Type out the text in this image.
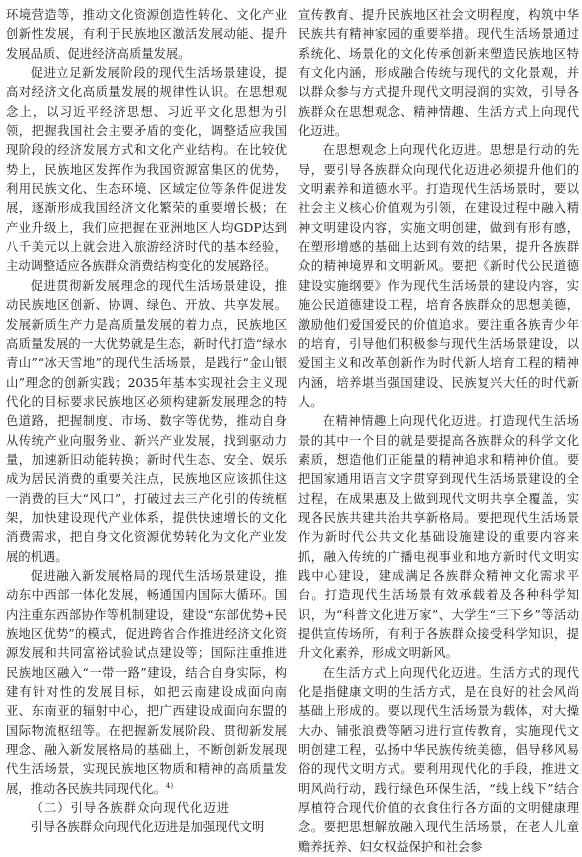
环境营造等，推动文化资源创造性转化、文化产业创新性发展，有利于民族地区激活发展动能、提升发展品质、促进经济高质量发展。

促进立足新发展阶段的现代生活场景建设，提高对经济文化高质量发展的规律性认识。在思想观念上，以习近平经济思想、习近平文化思想为引领，把握我国社会主要矛盾的变化，调整适应我国现阶段的经济发展方式和文化产业结构。在比较优势上，民族地区发挥作为我国资源富集区的优势，利用民族文化、生态环境、区域定位等条件促进发展，逐渐形成我国经济文化繁荣的重要增长极；在产业升级上，我们应把握在亚洲地区人均GDP达到八千美元以上就会进入旅游经济时代的基本经验，主动调整适应各族群众消费结构变化的发展路径。

促进贯彻新发展理念的现代生活场景建设，推动民族地区创新、协调、绿色、开放、共享发展。发展新质生产力是高质量发展的着力点，民族地区高质量发展的一大优势就是生态，新时代打造“绿水青山”“冰天雪地”的现代生活场景，是践行“金山银山”理念的创新实践；2035年基本实现社会主义现代化的目标要求民族地区必须构建新发展理念的特色道路，把握制度、市场、数字等优势，推动自身从传统产业向服务业、新兴产业发展，找到驱动力量，加速新旧动能转换；新时代生态、安全、娱乐成为居民消费的重要关注点，民族地区应该抓住这一消费的巨大“风口”，打破过去三产化引的传统框架，加快建设现代产业体系，提供快速增长的文化消费需求，把自身文化资源优势转化为文化产业发展的机遇。

促进融入新发展格局的现代生活场景建设，推动东中西部一体化发展，畅通国内国际大循环。国内注重东西部协作等机制建设，建设“东部优势+民族地区优势”的模式，促进跨省合作推进经济文化资源发展和共同富裕试验试点建设等；国际注重推进民族地区融入“一带一路”建设，结合自身实际，构建有针对性的发展目标，如把云南建设成面向南亚、东南亚的辐射中心，把广西建设成面向东盟的国际物流枢纽等。在把握新发展阶段、贯彻新发展理念、融入新发展格局的基础上，不断创新发展现代生活场景，实现民族地区物质和精神的高质量发展，推动各民族共同现代化。$^{4)}$

（二）引导各族群众向现代化迈进

引导各族群众向现代化迈进是加强现代文明

宣传教育、提升民族地区社会文明程度，构筑中华民族共有精神家园的重要举措。现代生活场景通过系统化、场景化的文化传承创新来塑造民族地区特有文化内涵，形成融合传统与现代的文化景观，并以群众参与方式提升现代文明浸润的实效，引导各族群众在思想观念、精神情趣、生活方式上向现代化迈进。

在思想观念上向现代化迈进。思想是行动的先导，要引导各族群众向现代化迈进必须提升他们的文明素养和道德水平。打造现代生活场景时，要以社会主义核心价值观为引领，在建设过程中融入精神文明建设内容，实施文明创建，做到有形有感，在塑形增感的基础上达到有效的结果，提升各族群众的精神境界和文明新风。要把《新时代公民道德建设实施纲要》作为现代生活场景的建设内容，实施公民道德建设工程，培育各族群众的思想美德，激励他们爱国爱民的价值追求。要注重各族青少年的培育，引导他们积极参与现代生活场景建设，以爱国主义和改革创新作为时代新人培育工程的精神内涵，培养堪当强国建设、民族复兴大任的时代新人。

在精神情趣上向现代化迈进。打造现代生活场景的其中一个目的就是要提高各族群众的科学文化素质，想造他们正能量的精神追求和精神价值。要把国家通用语言文字贯穿到现代生活场景建设的全过程，在成果惠及上做到现代文明共享全覆盖，实现各民族共建共治共享新格局。要把现代生活场景作为新时代公共文化基础设施建设的重要内容来抓，融入传统的广播电视事业和地方新时代文明实践中心建设，建成满足各族群众精神文化需求平台。打造现代生活场景有效承载着及各种科学知识，为“科普文化进万家”、大学生“三下乡”等活动提供宣传场所，有利于各族群众接受科学知识，提升文化素养，形成文明新风。

在生活方式上向现代化迈进。生活方式的现代化是指健康文明的生活方式，是在良好的社会风尚基础上形成的。要以现代生活场景为载体，对大操大办、铺张浪费等陋习进行宣传教育，实施现代文明创建工程，弘扬中华民族传统美德，倡导移风易俗的现代文明方式。要利用现代化的手段，推进文明风尚行动，践行绿色环保生活，“线上线下”结合厚植符合现代价值的衣食住行各方面的文明健康理念。要把思想解放融入现代生活场景，在老人儿童赡养抚养、妇女权益保护和社会参
